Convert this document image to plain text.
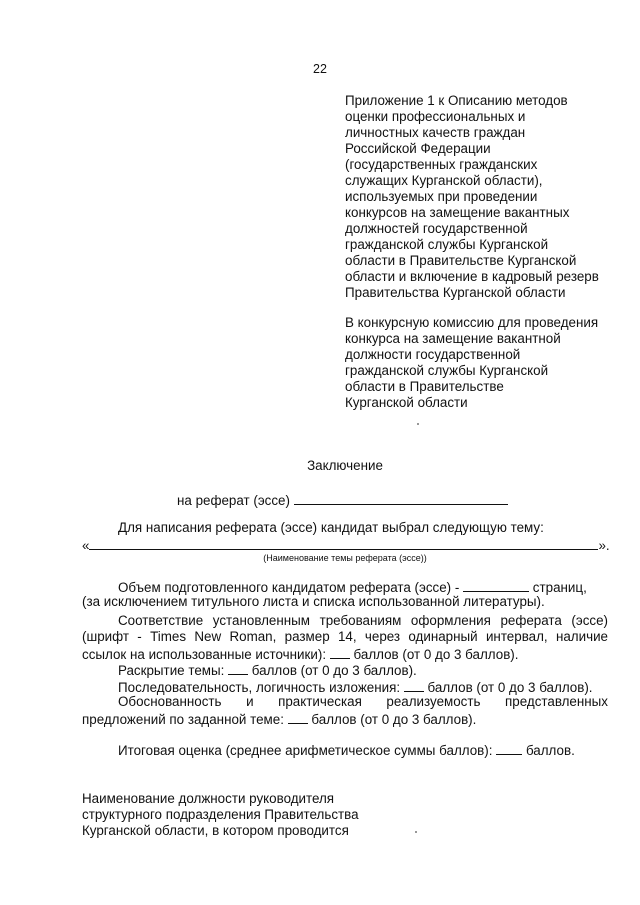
22
Приложение 1 к Описанию методов
оценки профессиональных и
личностных качеств граждан
Российской Федерации
(государственных гражданских
служащих Курганской области),
используемых при проведении
конкурсов на замещение вакантных
должностей государственной
гражданской службы Курганской
области в Правительстве Курганской
области и включение в кадровый резерв
Правительства Курганской области
В конкурсную комиссию для проведения
конкурса на замещение вакантной
должности государственной
гражданской службы Курганской
области в Правительстве
Курганской области
Заключение
на реферат (эссе)
Для написания реферата (эссе) кандидат выбрал следующую тему:
«	».
(Наименование темы реферата (эссе))
Объем подготовленного кандидатом реферата (эссе) -	страниц,
(за исключением титульного листа и списка использованной литературы).
Соответствие установленным требованиям оформления реферата (эссе)
(шрифт - Times New Roman, размер 14, через одинарный интервал, наличие
ссылок на использованные источники): баллов (от 0 до 3 баллов).
Раскрытие темы: баллов (от 0 до 3 баллов).
Последовательность, логичность изложения: баллов (от 0 до 3 баллов).
Обоснованность и практическая реализуемость представленных
предложений по заданной теме: баллов (от 0 до 3 баллов).
Итоговая оценка (среднее арифметическое суммы баллов): баллов.
Наименование должности руководителя
структурного подразделения Правительства
Курганской области, в котором проводится
